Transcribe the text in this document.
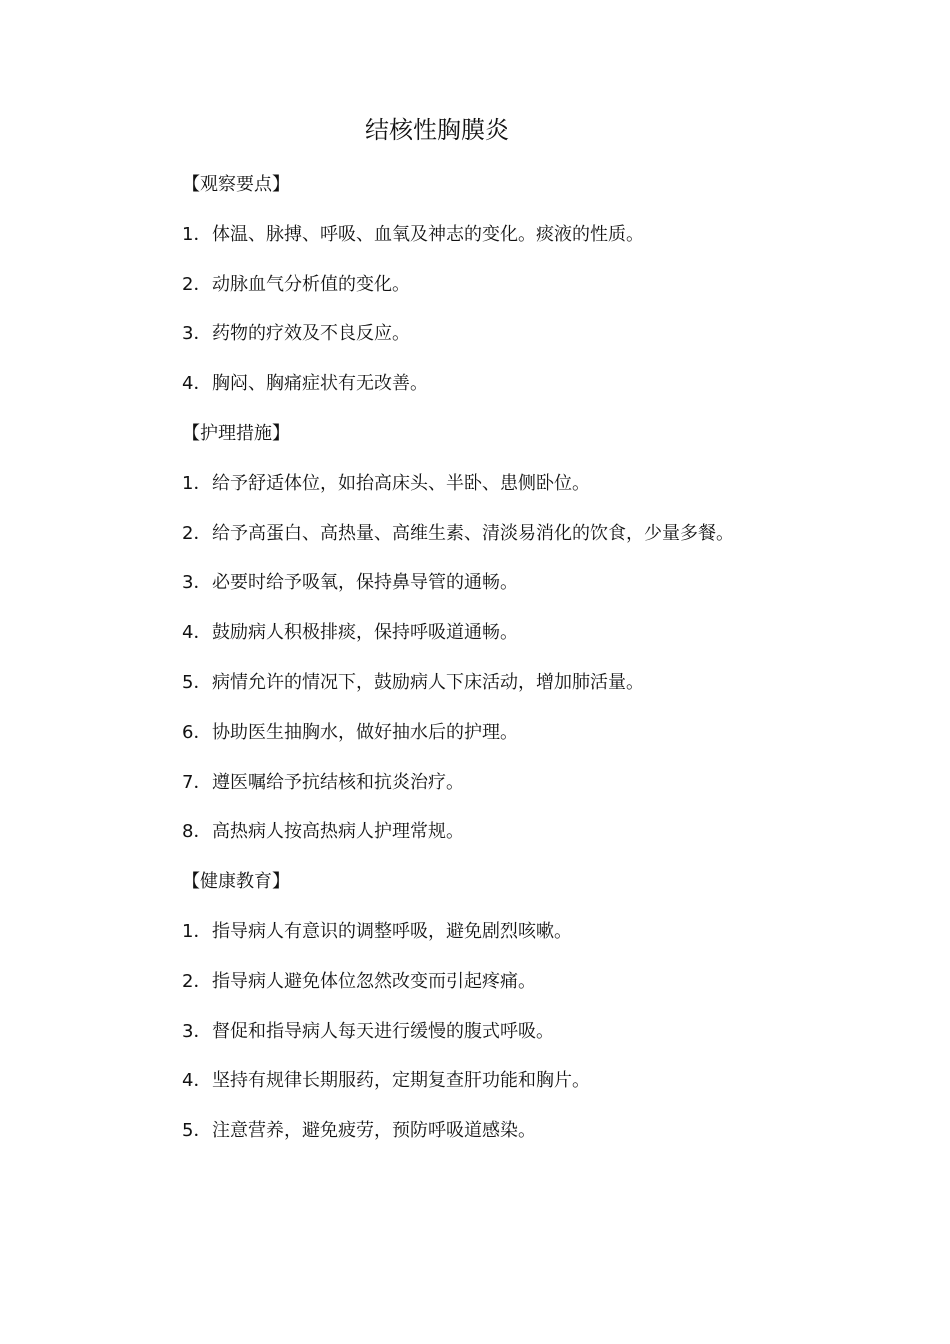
结核性胸膜炎
【观察要点】
1．体温、脉搏、呼吸、血氧及神志的变化。痰液的性质。
2．动脉血气分析值的变化。
3．药物的疗效及不良反应。
4．胸闷、胸痛症状有无改善。
【护理措施】
1．给予舒适体位，如抬高床头、半卧、患侧卧位。
2．给予高蛋白、高热量、高维生素、清淡易消化的饮食，少量多餐。
3．必要时给予吸氧，保持鼻导管的通畅。
4．鼓励病人积极排痰，保持呼吸道通畅。
5．病情允许的情况下，鼓励病人下床活动，增加肺活量。
6．协助医生抽胸水，做好抽水后的护理。
7．遵医嘱给予抗结核和抗炎治疗。
8．高热病人按高热病人护理常规。
【健康教育】
1．指导病人有意识的调整呼吸，避免剧烈咳嗽。
2．指导病人避免体位忽然改变而引起疼痛。
3．督促和指导病人每天进行缓慢的腹式呼吸。
4．坚持有规律长期服药，定期复查肝功能和胸片。
5．注意营养，避免疲劳，预防呼吸道感染。
